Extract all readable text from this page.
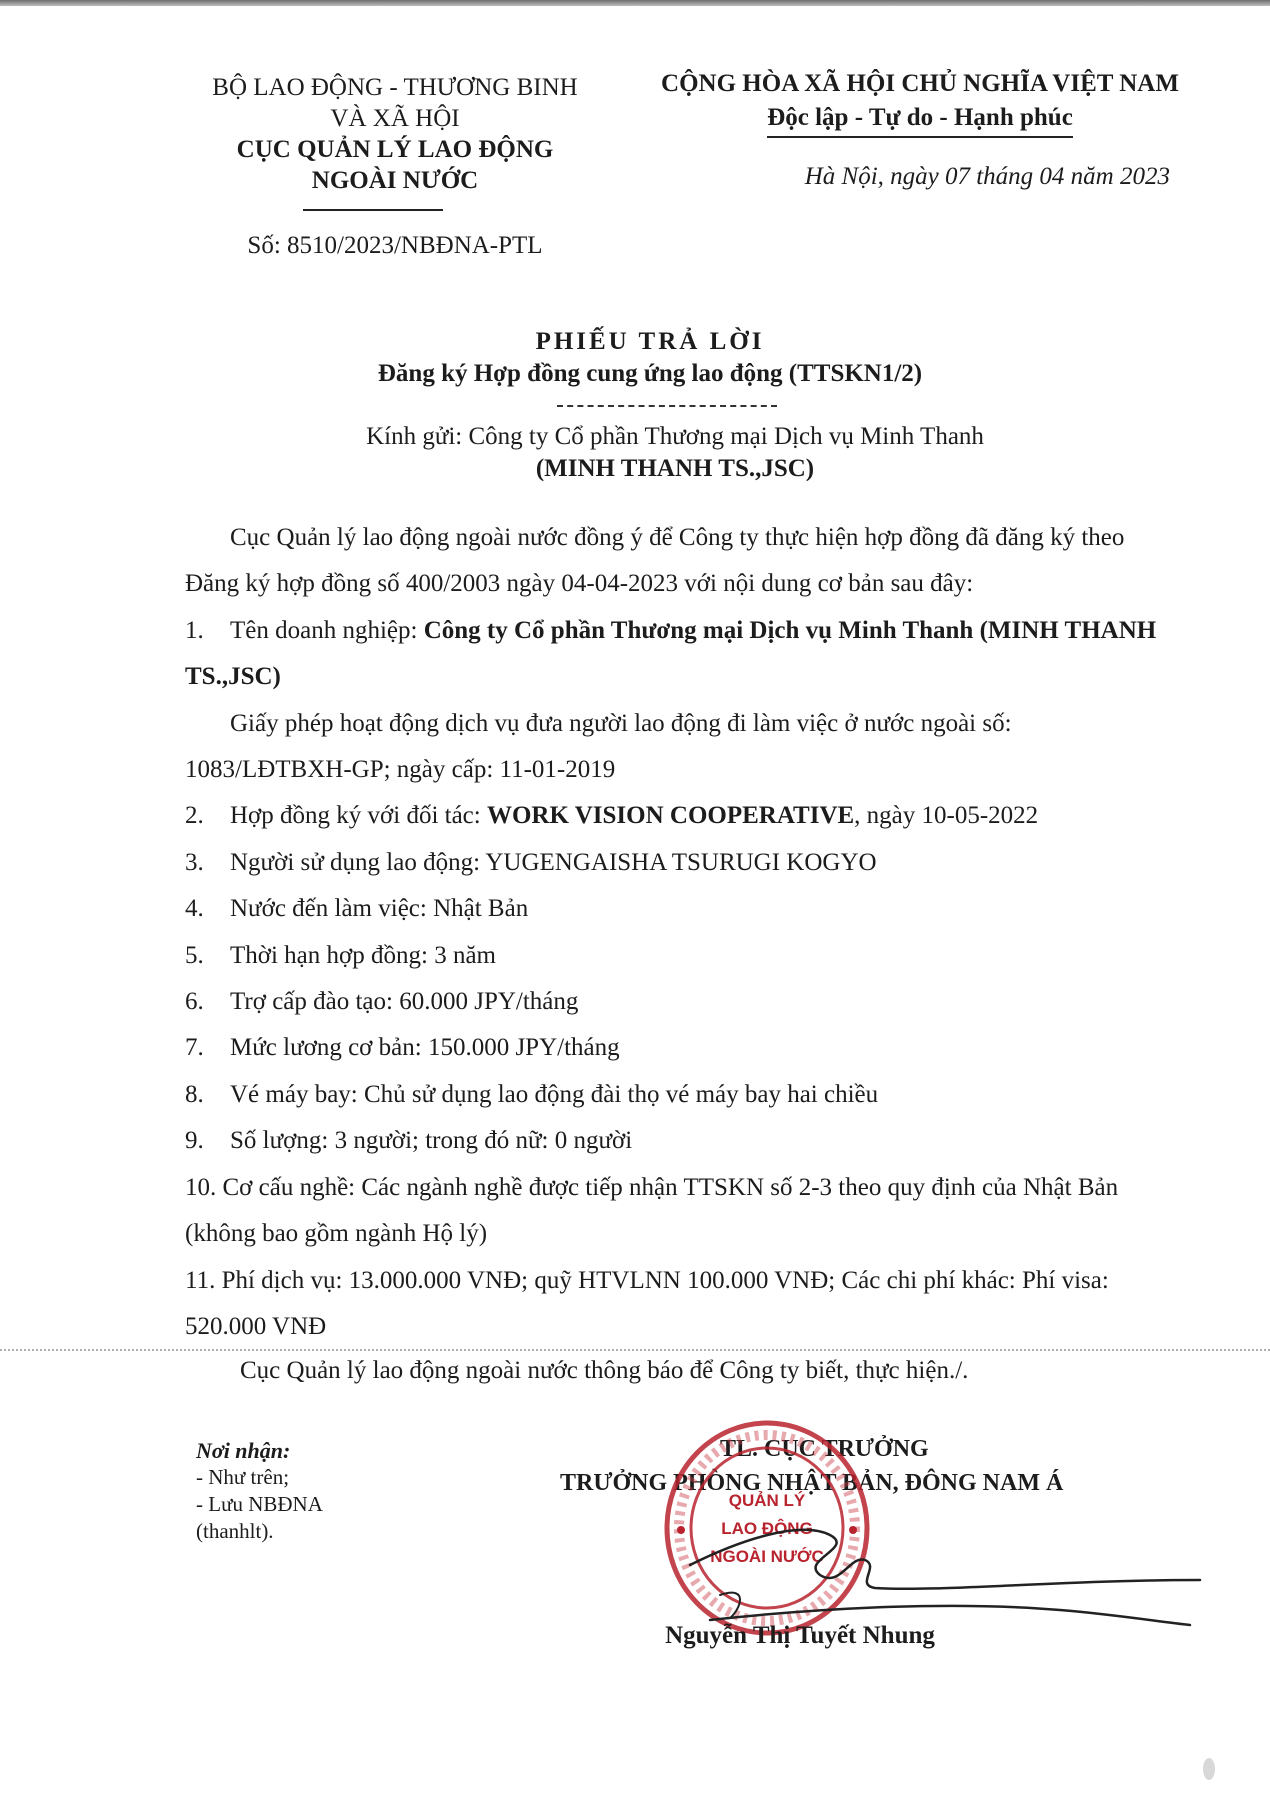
BỘ LAO ĐỘNG - THƯƠNG BINH
VÀ XÃ HỘI
CỤC QUẢN LÝ LAO ĐỘNG
NGOÀI NƯỚC
Số: 8510/2023/NBĐNA-PTL
CỘNG HÒA XÃ HỘI CHỦ NGHĨA VIỆT NAM
Độc lập - Tự do - Hạnh phúc
Hà Nội, ngày 07 tháng 04 năm 2023
PHIẾU TRẢ LỜI
Đăng ký Hợp đồng cung ứng lao động (TTSKN1/2)
Kính gửi: Công ty Cổ phần Thương mại Dịch vụ Minh Thanh
(MINH THANH TS.,JSC)

Cục Quản lý lao động ngoài nước đồng ý để Công ty thực hiện hợp đồng đã đăng ký theo Đăng ký hợp đồng số 400/2003 ngày 04-04-2023 với nội dung cơ bản sau đây:

1. Tên doanh nghiệp: Công ty Cổ phần Thương mại Dịch vụ Minh Thanh (MINH THANH TS.,JSC)

Giấy phép hoạt động dịch vụ đưa người lao động đi làm việc ở nước ngoài số: 1083/LĐTBXH-GP; ngày cấp: 11-01-2019

2. Hợp đồng ký với đối tác: WORK VISION COOPERATIVE, ngày 10-05-2022

3. Người sử dụng lao động: YUGENGAISHA TSURUGI KOGYO

4. Nước đến làm việc: Nhật Bản

5. Thời hạn hợp đồng: 3 năm

6. Trợ cấp đào tạo: 60.000 JPY/tháng

7. Mức lương cơ bản: 150.000 JPY/tháng

8. Vé máy bay: Chủ sử dụng lao động đài thọ vé máy bay hai chiều

9. Số lượng: 3 người; trong đó nữ: 0 người

10. Cơ cấu nghề: Các ngành nghề được tiếp nhận TTSKN số 2-3 theo quy định của Nhật Bản (không bao gồm ngành Hộ lý)

11. Phí dịch vụ: 13.000.000 VNĐ; quỹ HTVLNN 100.000 VNĐ; Các chi phí khác: Phí visa: 520.000 VNĐ

Cục Quản lý lao động ngoài nước thông báo để Công ty biết, thực hiện./.
Nơi nhận:
- Như trên;
- Lưu NBĐNA
(thanhlt).
TL. CỤC TRƯỞNG
TRƯỞNG PHÒNG NHẬT BẢN, ĐÔNG NAM Á
QUẢN LÝ
LAO ĐỘNG
NGOÀI NƯỚC
Nguyễn Thị Tuyết Nhung
